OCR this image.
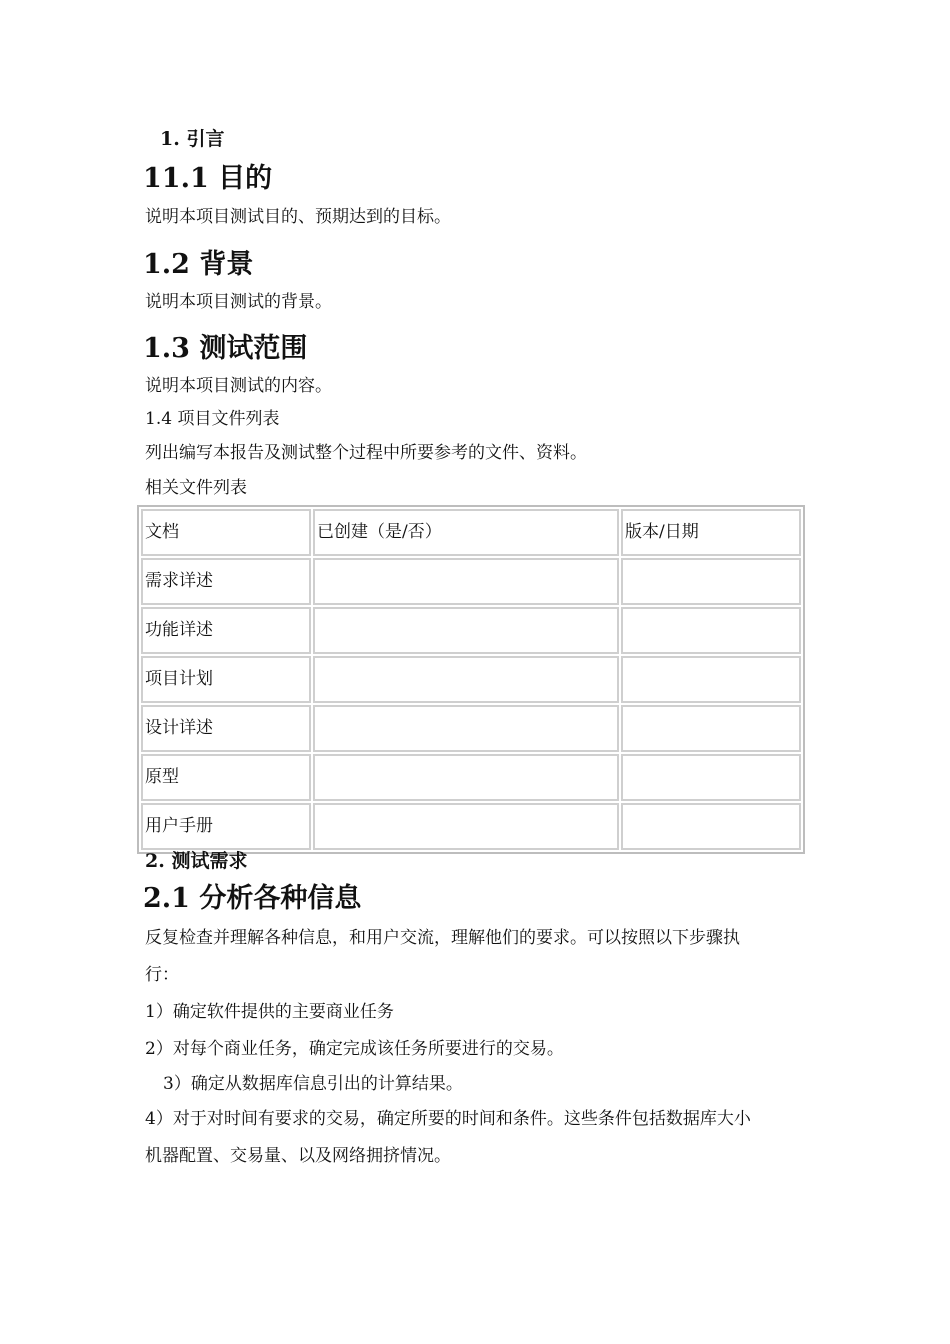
1. 引言
11.1 目的
说明本项目测试目的、预期达到的目标。
1.2 背景
说明本项目测试的背景。
1.3 测试范围
说明本项目测试的内容。
1.4 项目文件列表
列出编写本报告及测试整个过程中所要参考的文件、资料。
相关文件列表
文档	已创建（是/否）	版本/日期
需求详述		
功能详述		
项目计划		
设计详述		
原型		
用户手册		
2. 测试需求
2.1 分析各种信息
反复检查并理解各种信息，和用户交流，理解他们的要求。可以按照以下步骤执
行：
1）确定软件提供的主要商业任务
2）对每个商业任务，确定完成该任务所要进行的交易。
3）确定从数据库信息引出的计算结果。
4）对于对时间有要求的交易，确定所要的时间和条件。这些条件包括数据库大小
机器配置、交易量、以及网络拥挤情况。
